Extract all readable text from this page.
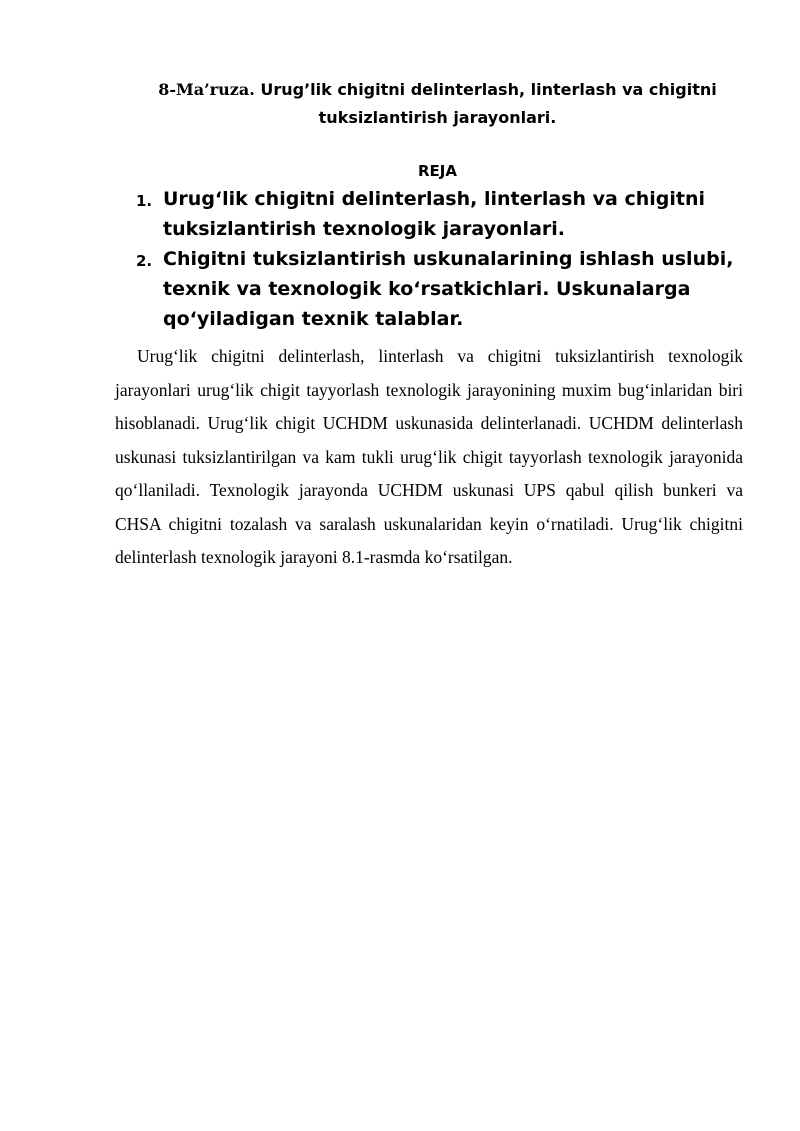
8-Ma’ruza. Urug’lik chigitni delinterlash, linterlash va chigitni tuksizlantirish jarayonlari.
REJA
1. Urug‘lik chigitni delinterlash, linterlash va chigitni tuksizlantirish texnologik jarayonlari.
2. Chigitni tuksizlantirish uskunalarining ishlash uslubi, texnik va texnologik ko‘rsatkichlari. Uskunalarga qo‘yiladigan texnik talablar.

Urug‘lik chigitni delinterlash, linterlash va chigitni tuksizlantirish texnologik jarayonlari urug‘lik chigit tayyorlash texnologik jarayonining muxim bug‘inlaridan biri hisoblanadi. Urug‘lik chigit UCHDM uskunasida delinterlanadi. UCHDM delinterlash uskunasi tuksizlantirilgan va kam tukli urug‘lik chigit tayyorlash texnologik jarayonida qo‘llaniladi. Texnologik jarayonda UCHDM uskunasi UPS qabul qilish bunkeri va CHSA chigitni tozalash va saralash uskunalaridan keyin o‘rnatiladi. Urug‘lik chigitni delinterlash texnologik jarayoni 8.1-rasmda ko‘rsatilgan.
